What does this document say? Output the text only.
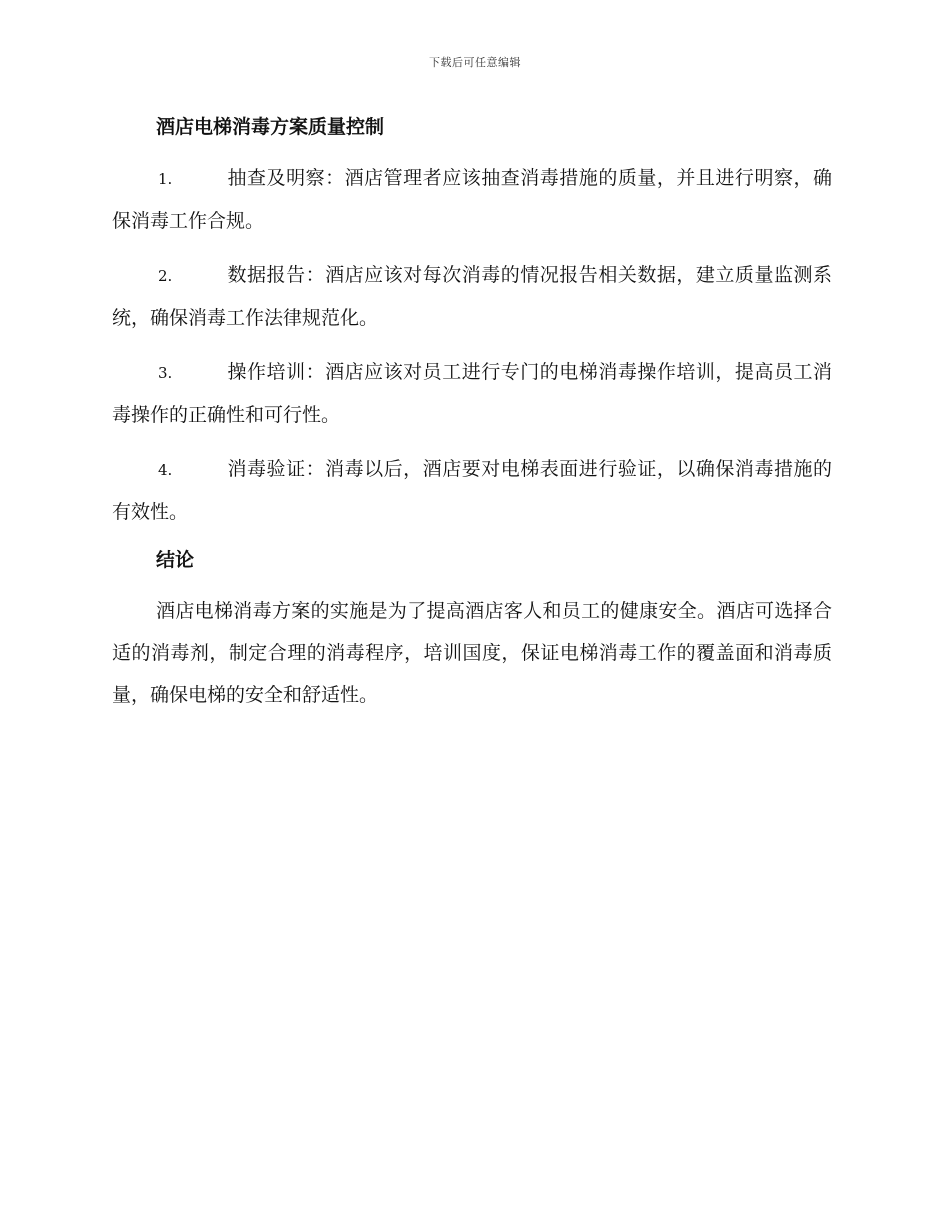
下载后可任意编辑
酒店电梯消毒方案质量控制

1.	抽查及明察：酒店管理者应该抽查消毒措施的质量，并且进行明察，确保消毒工作合规。

2.	数据报告：酒店应该对每次消毒的情况报告相关数据，建立质量监测系统，确保消毒工作法律规范化。

3.	操作培训：酒店应该对员工进行专门的电梯消毒操作培训，提高员工消毒操作的正确性和可行性。

4.	消毒验证：消毒以后，酒店要对电梯表面进行验证，以确保消毒措施的有效性。

结论

酒店电梯消毒方案的实施是为了提高酒店客人和员工的健康安全。酒店可选择合适的消毒剂，制定合理的消毒程序，培训国度，保证电梯消毒工作的覆盖面和消毒质量，确保电梯的安全和舒适性。
